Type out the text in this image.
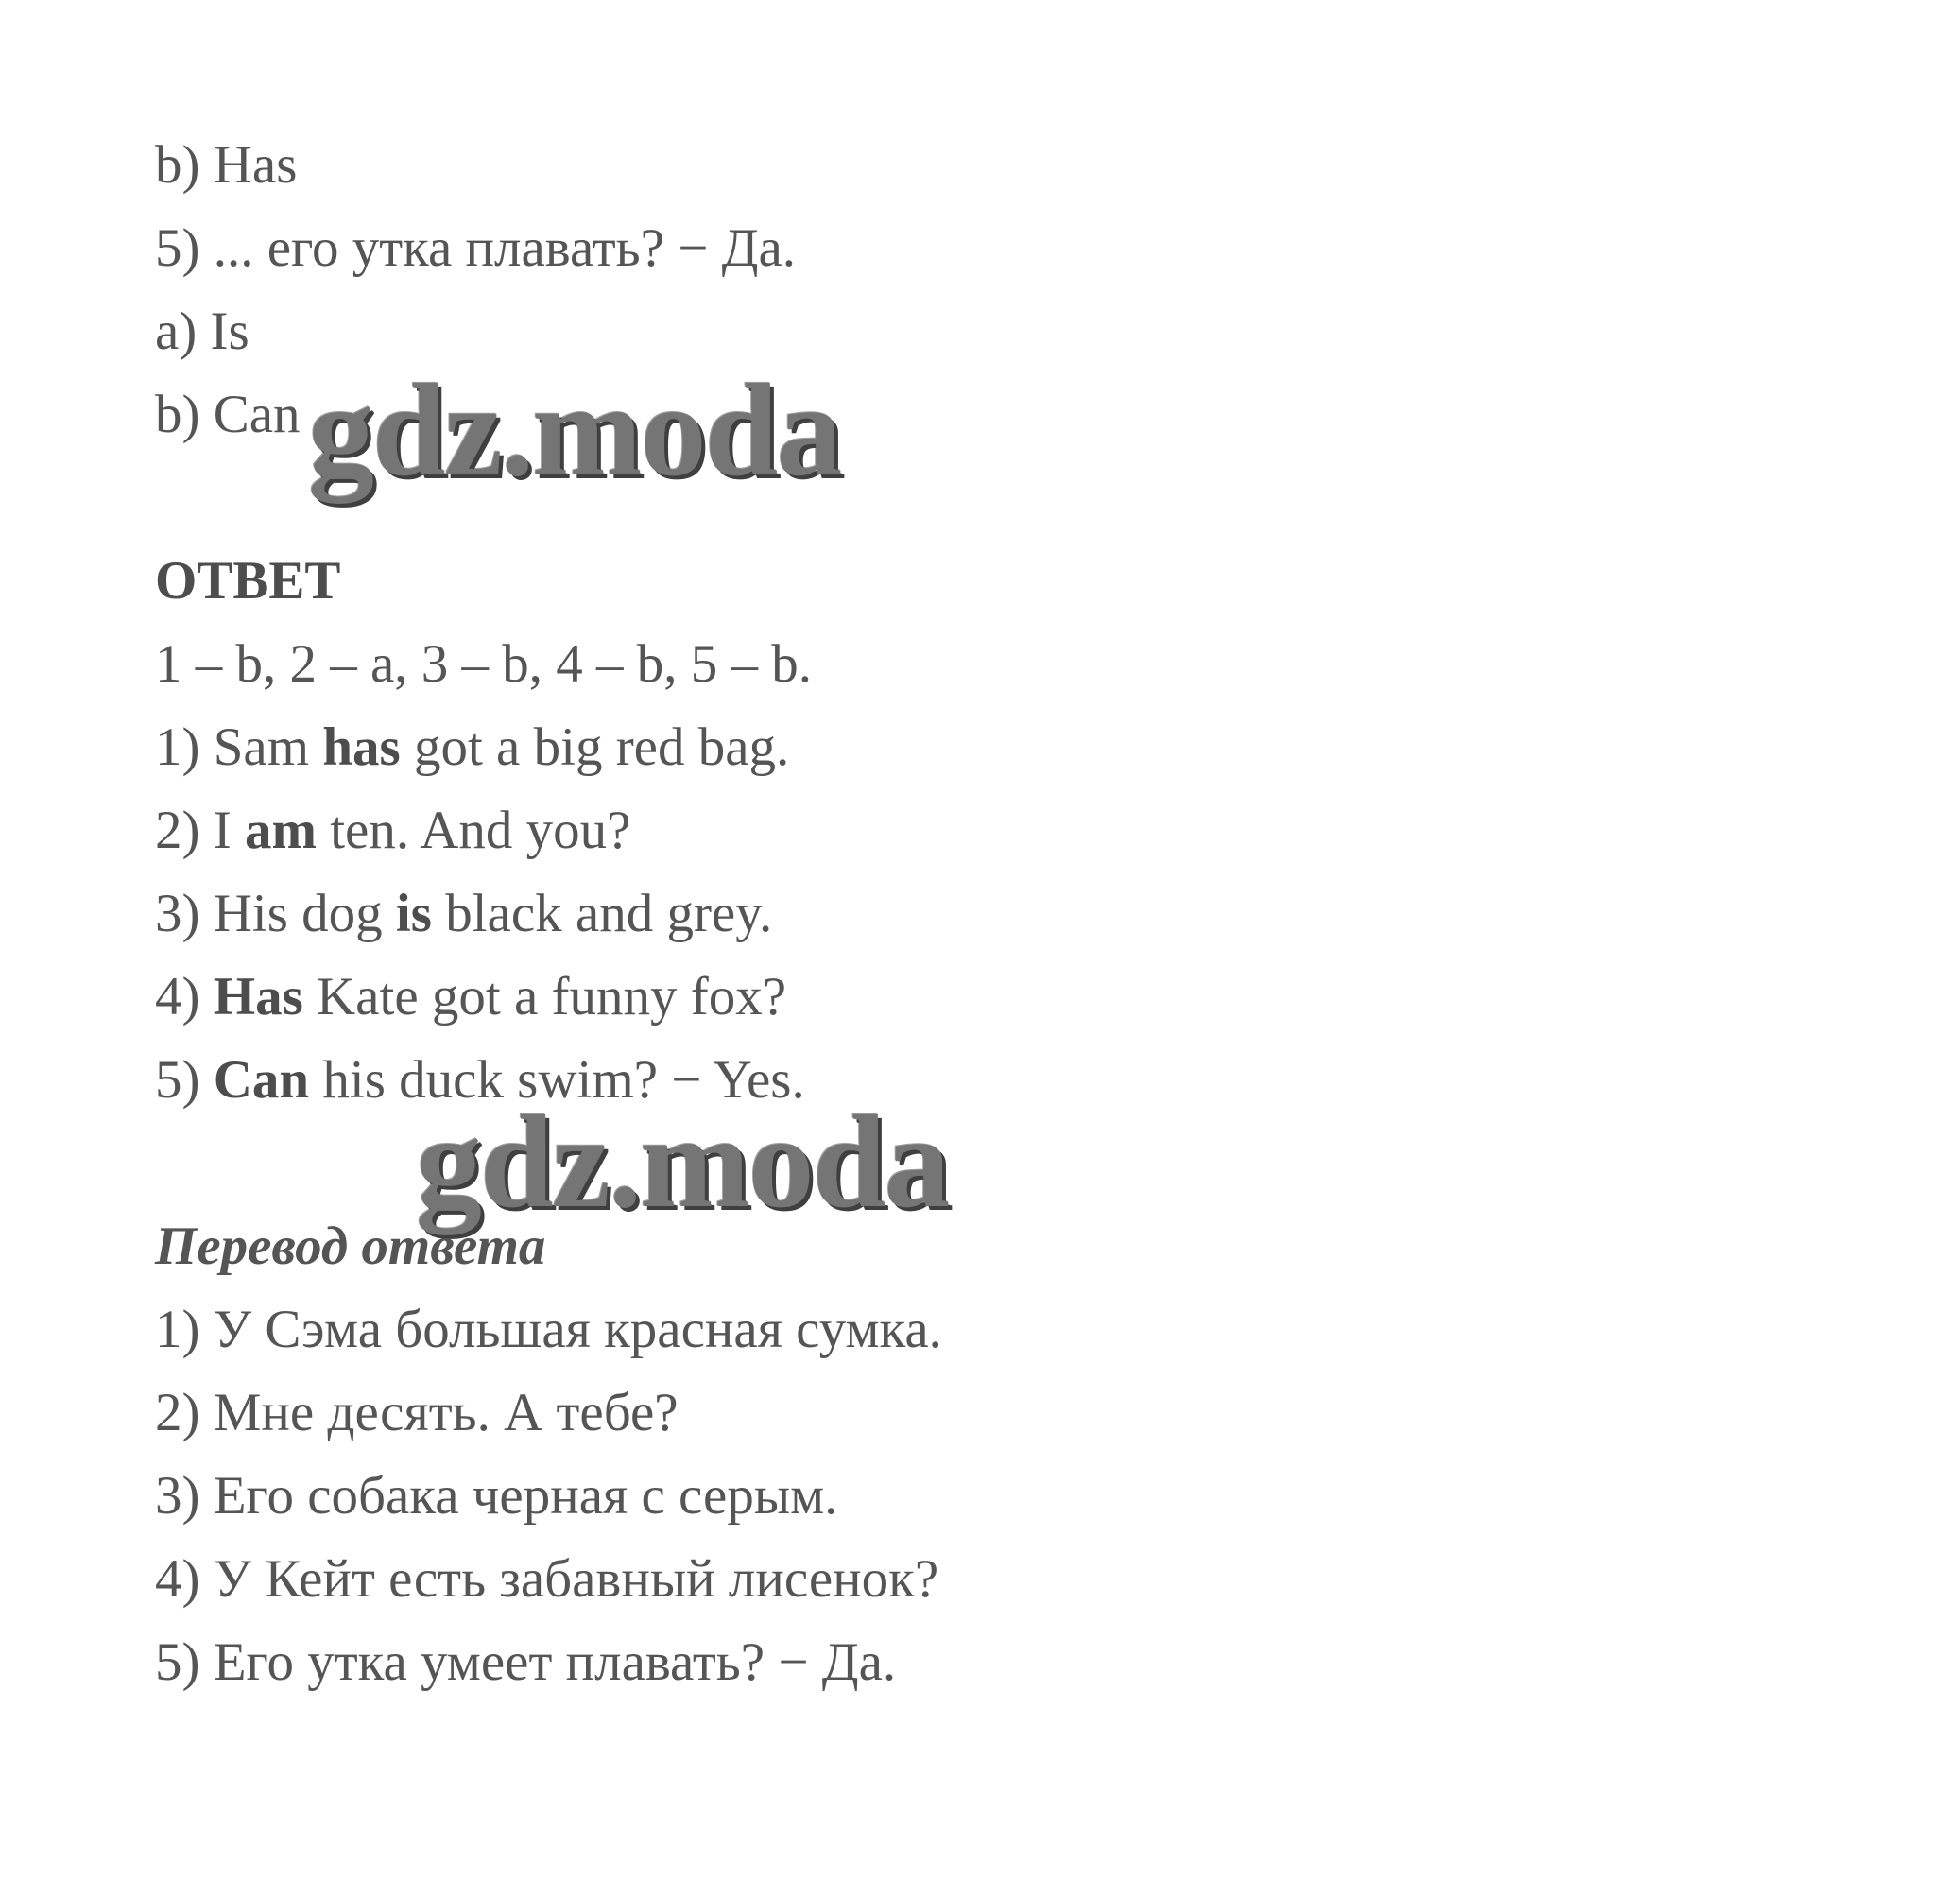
b) Has
5) ... его утка плавать? − Да.
a) Is
b) Can gdz.moda
ОТВЕТ
1 – b, 2 – a, 3 – b, 4 – b, 5 – b.
1) Sam has got a big red bag.
2) I am ten. And you?
3) His dog is black and grey.
4) Has Kate got a funny fox?
5) Can his duck swim? − Yes.
gdz.moda
Перевод ответа
1) У Сэма большая красная сумка.
2) Мне десять. А тебе?
3) Его собака черная с серым.
4) У Кейт есть забавный лисенок?
5) Его утка умеет плавать? − Да.
